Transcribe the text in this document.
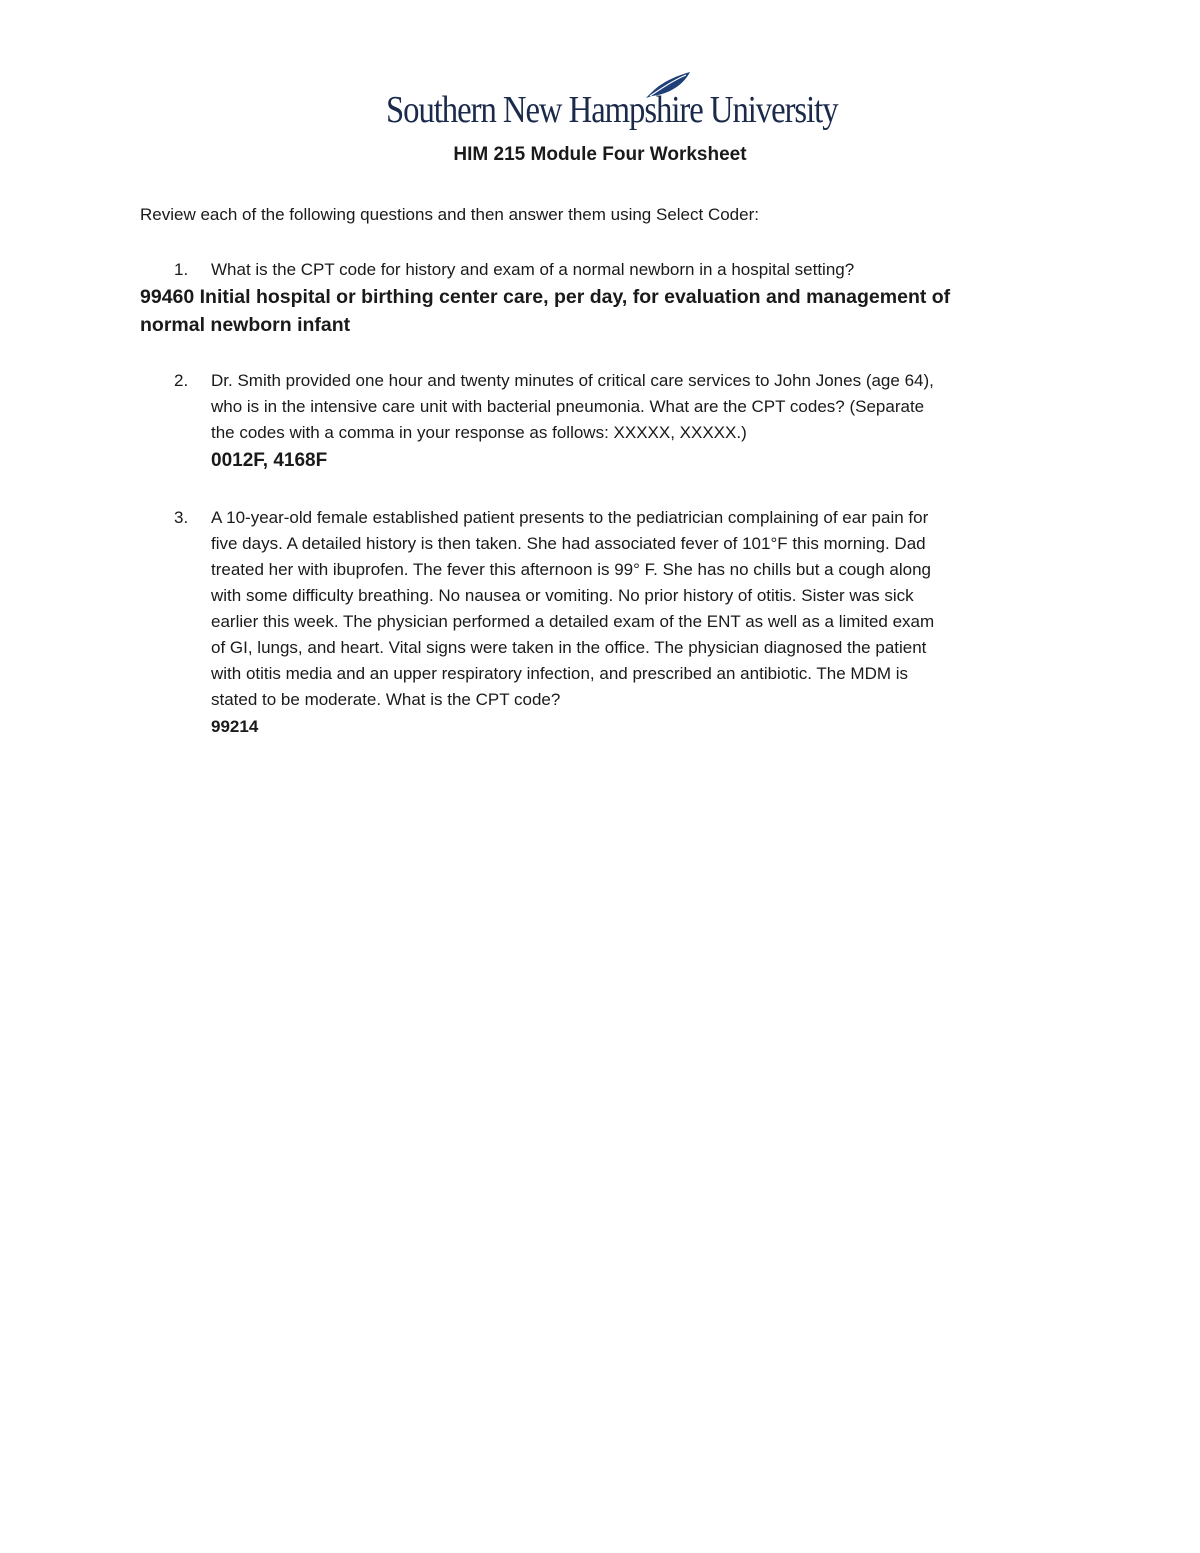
Southern New Hampshire University
HIM 215 Module Four Worksheet
Review each of the following questions and then answer them using Select Coder:
1. What is the CPT code for history and exam of a normal newborn in a hospital setting?
99460 Initial hospital or birthing center care, per day, for evaluation and management of
normal newborn infant
2. Dr. Smith provided one hour and twenty minutes of critical care services to John Jones (age 64),
who is in the intensive care unit with bacterial pneumonia. What are the CPT codes? (Separate
the codes with a comma in your response as follows: XXXXX, XXXXX.)
0012F, 4168F
3. A 10-year-old female established patient presents to the pediatrician complaining of ear pain for
five days. A detailed history is then taken. She had associated fever of 101°F this morning. Dad
treated her with ibuprofen. The fever this afternoon is 99° F. She has no chills but a cough along
with some difficulty breathing. No nausea or vomiting. No prior history of otitis. Sister was sick
earlier this week. The physician performed a detailed exam of the ENT as well as a limited exam
of GI, lungs, and heart. Vital signs were taken in the office. The physician diagnosed the patient
with otitis media and an upper respiratory infection, and prescribed an antibiotic. The MDM is
stated to be moderate. What is the CPT code?
99214
